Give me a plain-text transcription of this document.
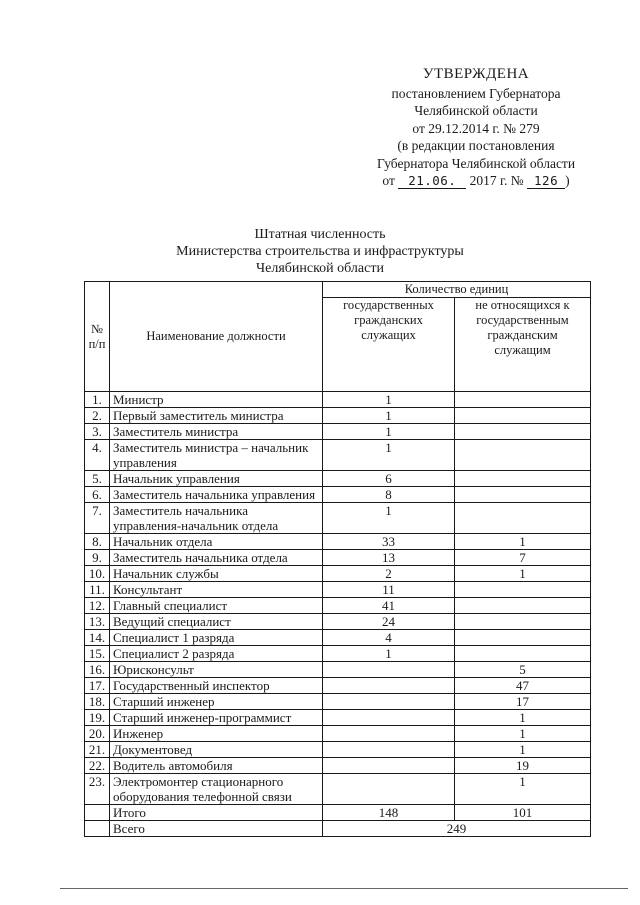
УТВЕРЖДЕНА
постановлением Губернатора
Челябинской области
от 29.12.2014 г. № 279
(в редакции постановления
Губернатора Челябинской области
от 21.06. 2017 г. № 126 )
Штатная численность
Министерства строительства и инфраструктуры
Челябинской области
№ п/п	Наименование должности	Количество единиц	
		государственных гражданских служащих	не относящихся к государственным гражданским служащим
1.	Министр	1	
2.	Первый заместитель министра	1	
3.	Заместитель министра	1	
4.	Заместитель министра – начальник управления	1	
5.	Начальник управления	6	
6.	Заместитель начальника управления	8	
7.	Заместитель начальника управления-начальник отдела	1	
8.	Начальник отдела	33	1
9.	Заместитель начальника отдела	13	7
10.	Начальник службы	2	1
11.	Консультант	11	
12.	Главный специалист	41	
13.	Ведущий специалист	24	
14.	Специалист 1 разряда	4	
15.	Специалист 2 разряда	1	
16.	Юрисконсульт		5
17.	Государственный инспектор		47
18.	Старший инженер		17
19.	Старший инженер-программист		1
20.	Инженер		1
21.	Документовед		1
22.	Водитель автомобиля		19
23.	Электромонтер стационарного оборудования телефонной связи		1
	Итого	148	101
	Всего	249	
